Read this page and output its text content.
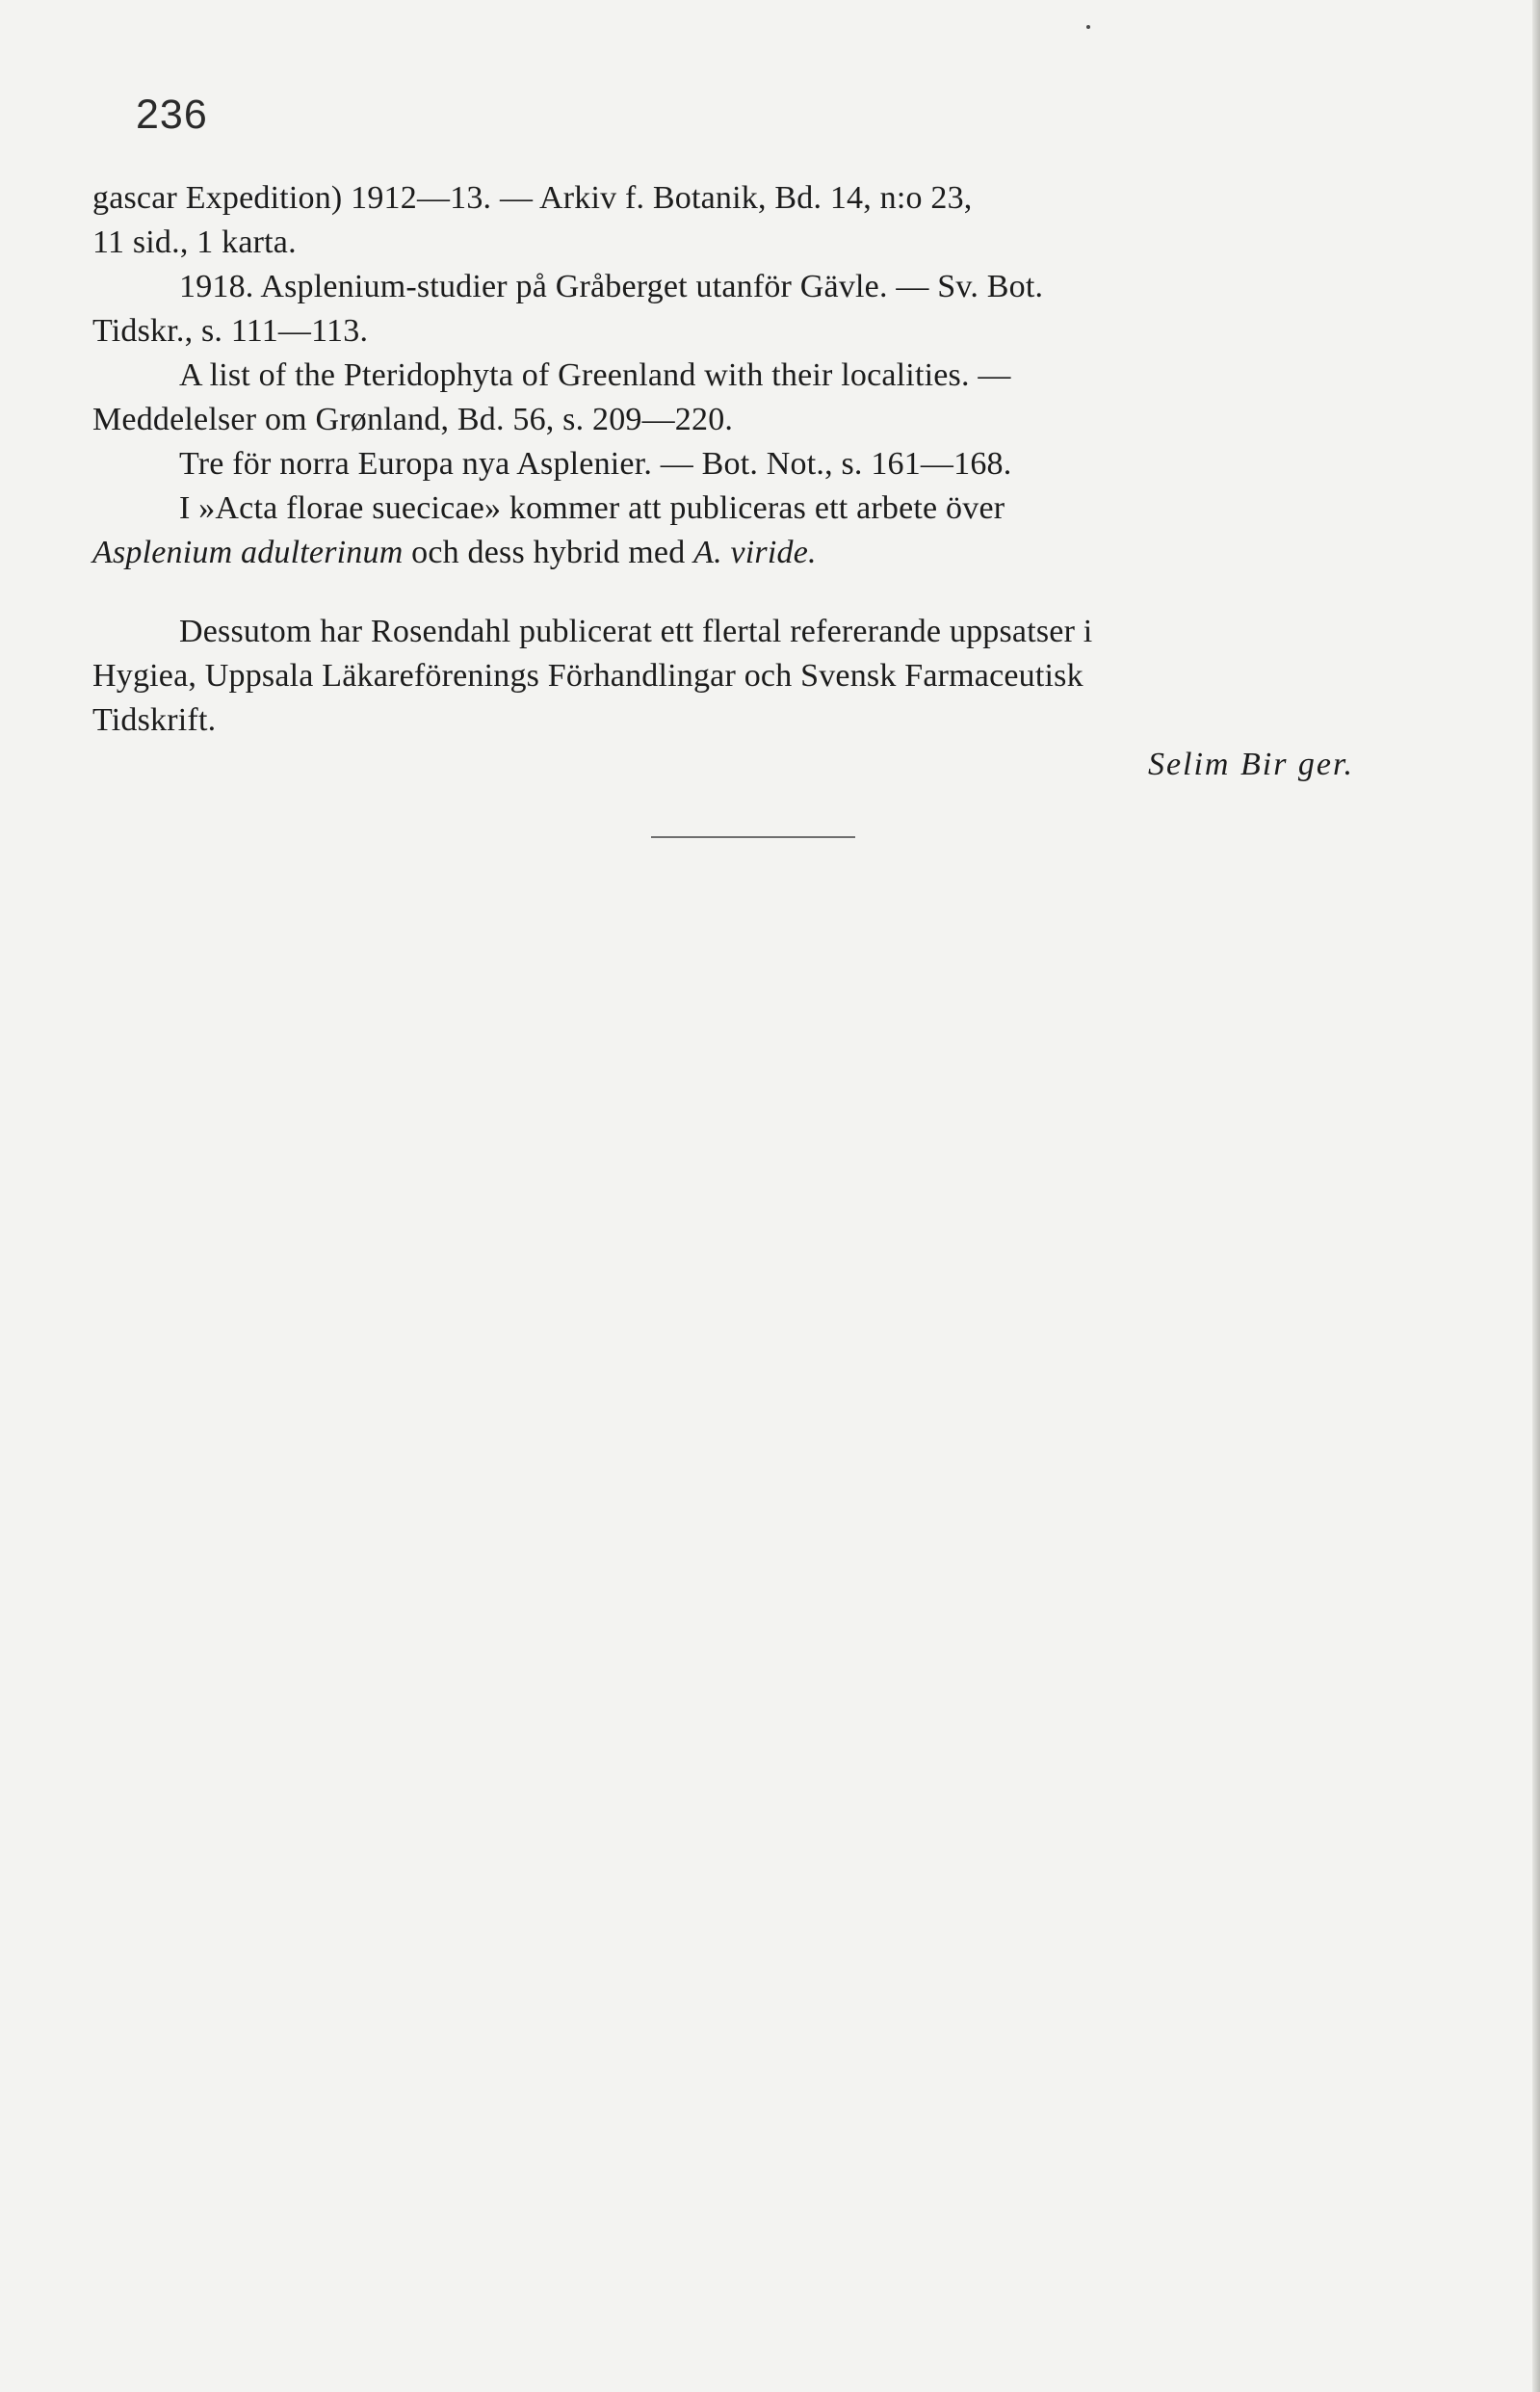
236
gascar Expedition) 1912—13. — Arkiv f. Botanik, Bd. 14, n:o 23,
11 sid., 1 karta.
1918. Asplenium-studier på Gråberget utanför Gävle. — Sv. Bot.
Tidskr., s. 111—113.
A list of the Pteridophyta of Greenland with their localities. —
Meddelelser om Grønland, Bd. 56, s. 209—220.
Tre för norra Europa nya Asplenier. — Bot. Not., s. 161—168.
I »Acta florae suecicae» kommer att publiceras ett arbete över
Asplenium adulterinum och dess hybrid med A. viride.
Dessutom har Rosendahl publicerat ett flertal refererande uppsatser i
Hygiea, Uppsala Läkareförenings Förhandlingar och Svensk Farmaceutisk
Tidskrift.
Selim Bir ger.
